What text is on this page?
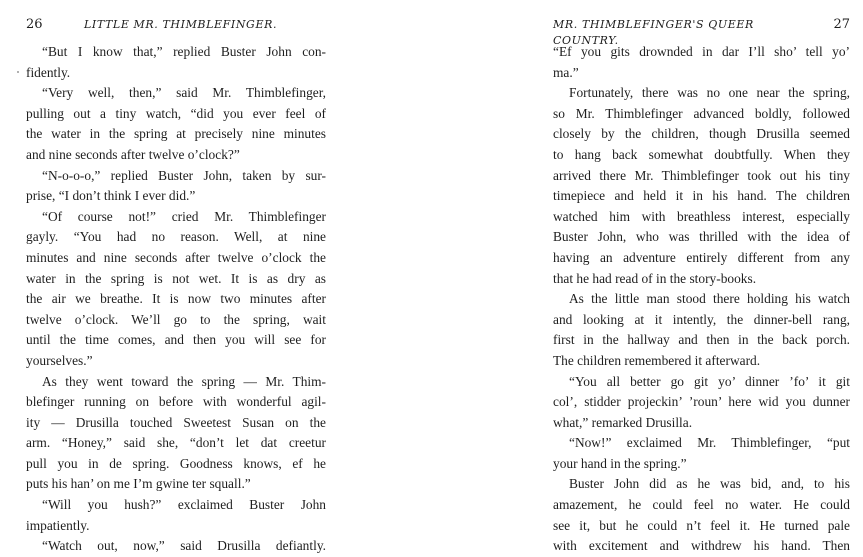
26	LITTLE MR. THIMBLEFINGER.
“But I know that,” replied Buster John con-
fidently.
“Very well, then,” said Mr. Thimblefinger,
pulling out a tiny watch, “did you ever feel of
the water in the spring at precisely nine minutes
and nine seconds after twelve o’clock?”
“N-o-o-o,” replied Buster John, taken by sur-
prise, “I don’t think I ever did.”
“Of course not!” cried Mr. Thimblefinger
gayly. “You had no reason. Well, at nine
minutes and nine seconds after twelve o’clock the
water in the spring is not wet. It is as dry as
the air we breathe. It is now two minutes after
twelve o’clock. We’ll go to the spring, wait
until the time comes, and then you will see for
yourselves.”
As they went toward the spring — Mr. Thim-
blefinger running on before with wonderful agil-
ity — Drusilla touched Sweetest Susan on the
arm. “Honey,” said she, “don’t let dat creetur
pull you in de spring. Goodness knows, ef he
puts his han’ on me I’m gwine ter squall.”
“Will you hush?” exclaimed Buster John
impatiently.
“Watch out, now,” said Drusilla defiantly.
MR. THIMBLEFINGER'S QUEER COUNTRY.
27
“Ef you gits drownded in dar I’ll sho’ tell yo’
ma.”
Fortunately, there was no one near the spring,
so Mr. Thimblefinger advanced boldly, followed
closely by the children, though Drusilla seemed
to hang back somewhat doubtfully. When they
arrived there Mr. Thimblefinger took out his tiny
timepiece and held it in his hand. The children
watched him with breathless interest, especially
Buster John, who was thrilled with the idea of
having an adventure entirely different from any
that he had read of in the story-books.
As the little man stood there holding his watch
and looking at it intently, the dinner-bell rang,
first in the hallway and then in the back porch.
The children remembered it afterward.
“You all better go git yo’ dinner ’fo’ it git
col’, stidder projeckin’ ’roun’ here wid you dunner
what,” remarked Drusilla.
“Now!” exclaimed Mr. Thimblefinger, “put
your hand in the spring.”
Buster John did as he was bid, and, to his
amazement, he could feel no water. He could
see it, but he could n’t feel it. He turned pale
with excitement and withdrew his hand. Then
